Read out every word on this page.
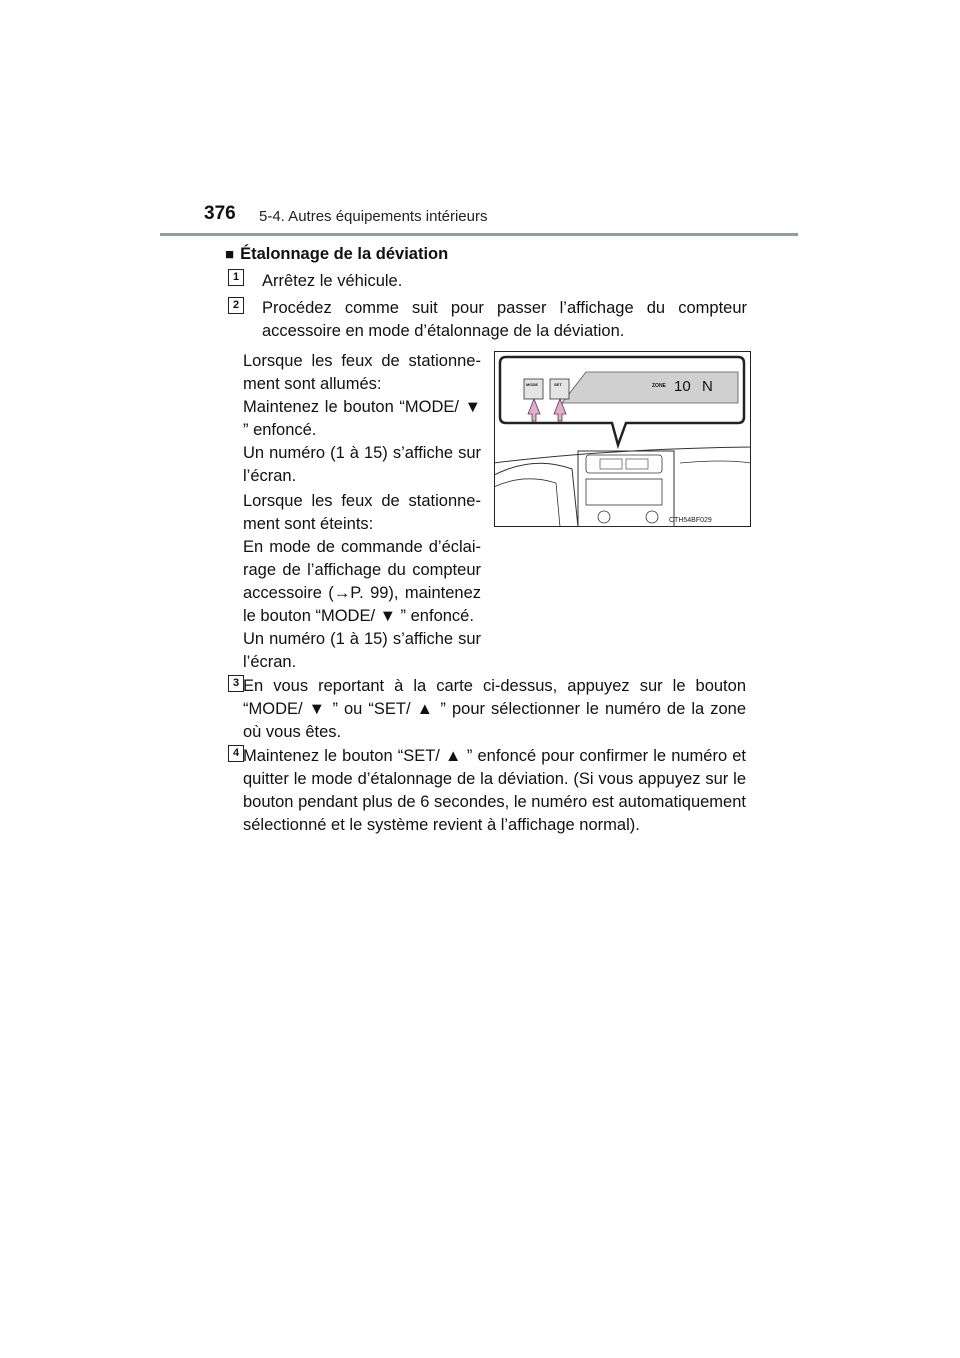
376 5-4. Autres équipements intérieurs
■ Étalonnage de la déviation
1 Arrêtez le véhicule.
2 Procédez comme suit pour passer l’affichage du compteur accessoire en mode d’étalonnage de la déviation.

Lorsque les feux de stationnement sont allumés:

Maintenez le bouton “MODE/ ▼ ” enfoncé.

Un numéro (1 à 15) s’affiche sur l’écran.

Lorsque les feux de stationnement sont éteints:

En mode de commande d’éclairage de l’affichage du compteur accessoire (→P. 99), maintenez le bouton “MODE/ ▼ ” enfoncé.

Un numéro (1 à 15) s’affiche sur l’écran.

ZONE 10 N
MODE	SET
CTH54BF029
3 En vous reportant à la carte ci-dessus, appuyez sur le bouton “MODE/ ▼ ” ou “SET/ ▲ ” pour sélectionner le numéro de la zone où vous êtes.
4 Maintenez le bouton “SET/ ▲ ” enfoncé pour confirmer le numéro et quitter le mode d’étalonnage de la déviation. (Si vous appuyez sur le bouton pendant plus de 6 secondes, le numéro est automatiquement sélectionné et le système revient à l’affichage normal).
